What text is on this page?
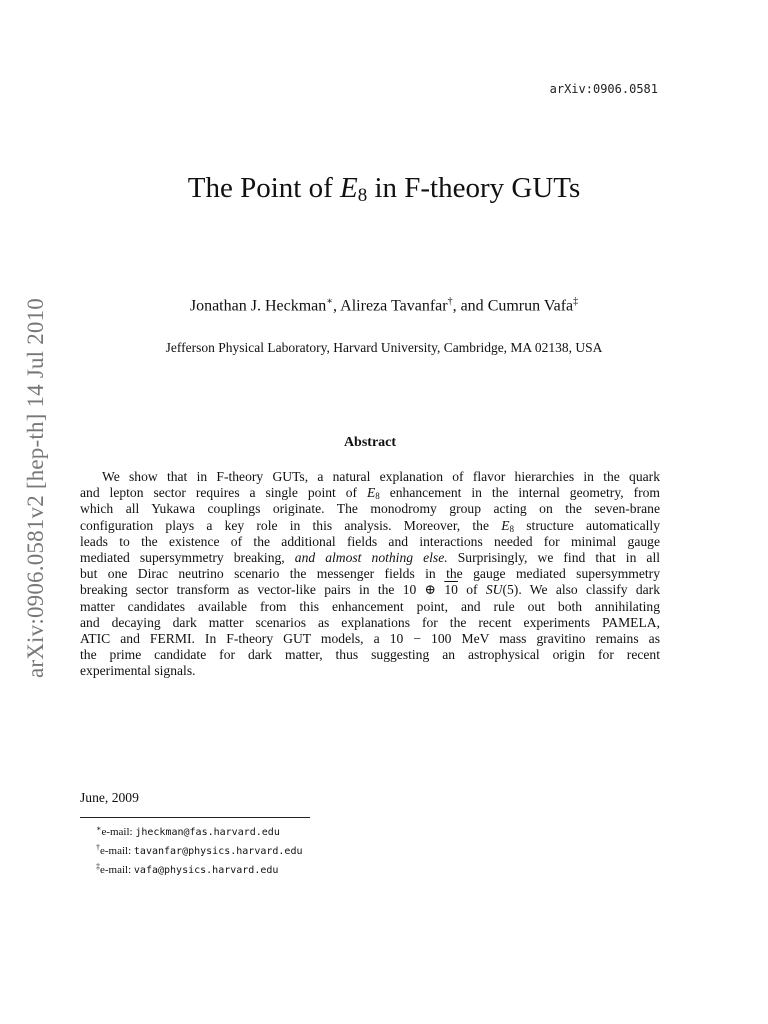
arXiv:0906.0581
arXiv:0906.0581v2 [hep-th] 14 Jul 2010
The Point of $E_8$ in F-theory GUTs
Jonathan J. Heckman∗, Alireza Tavanfar†, and Cumrun Vafa‡
Jefferson Physical Laboratory, Harvard University, Cambridge, MA 02138, USA
Abstract
We show that in F-theory GUTs, a natural explanation of flavor hierarchies in the quark
and lepton sector requires a single point of $E_8$ enhancement in the internal geometry, from
which all Yukawa couplings originate. The monodromy group acting on the seven-brane
configuration plays a key role in this analysis. Moreover, the $E_8$ structure automatically
leads to the existence of the additional fields and interactions needed for minimal gauge
mediated supersymmetry breaking, and almost nothing else. Surprisingly, we find that in all
but one Dirac neutrino scenario the messenger fields in the gauge mediated supersymmetry
breaking sector transform as vector-like pairs in the 10 ⊕ 10 of SU(5). We also classify dark
matter candidates available from this enhancement point, and rule out both annihilating
and decaying dark matter scenarios as explanations for the recent experiments PAMELA,
ATIC and FERMI. In F-theory GUT models, a 10 − 100 MeV mass gravitino remains as
the prime candidate for dark matter, thus suggesting an astrophysical origin for recent
experimental signals.
June, 2009
∗e-mail: jheckman@fas.harvard.edu
†e-mail: tavanfar@physics.harvard.edu
‡e-mail: vafa@physics.harvard.edu
